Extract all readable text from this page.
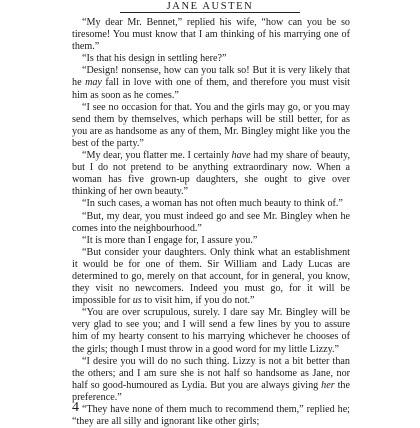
JANE AUSTEN

“My dear Mr. Bennet,” replied his wife, “how can you be so tiresome! You must know that I am thinking of his marrying one of them.”

“Is that his design in settling here?”

“Design! nonsense, how can you talk so! But it is very likely that he may fall in love with one of them, and therefore you must visit him as soon as he comes.”

“I see no occasion for that. You and the girls may go, or you may send them by themselves, which perhaps will be still better, for as you are as handsome as any of them, Mr. Bingley might like you the best of the party.”

“My dear, you flatter me. I certainly have had my share of beauty, but I do not pretend to be anything extraordinary now. When a woman has five grown-up daughters, she ought to give over thinking of her own beauty.”

“In such cases, a woman has not often much beauty to think of.”

“But, my dear, you must indeed go and see Mr. Bingley when he comes into the neighbourhood.”

“It is more than I engage for, I assure you.”

“But consider your daughters. Only think what an establishment it would be for one of them. Sir William and Lady Lucas are determined to go, merely on that account, for in general, you know, they visit no newcomers. Indeed you must go, for it will be impossible for us to visit him, if you do not.”

“You are over scrupulous, surely. I dare say Mr. Bingley will be very glad to see you; and I will send a few lines by you to assure him of my hearty consent to his marrying whichever he chooses of the girls; though I must throw in a good word for my little Lizzy.”

“I desire you will do no such thing. Lizzy is not a bit better than the others; and I am sure she is not half so handsome as Jane, nor half so good-humoured as Lydia. But you are always giving her the preference.”

“They have none of them much to recommend them,” replied he; “they are all silly and ignorant like other girls;

4
